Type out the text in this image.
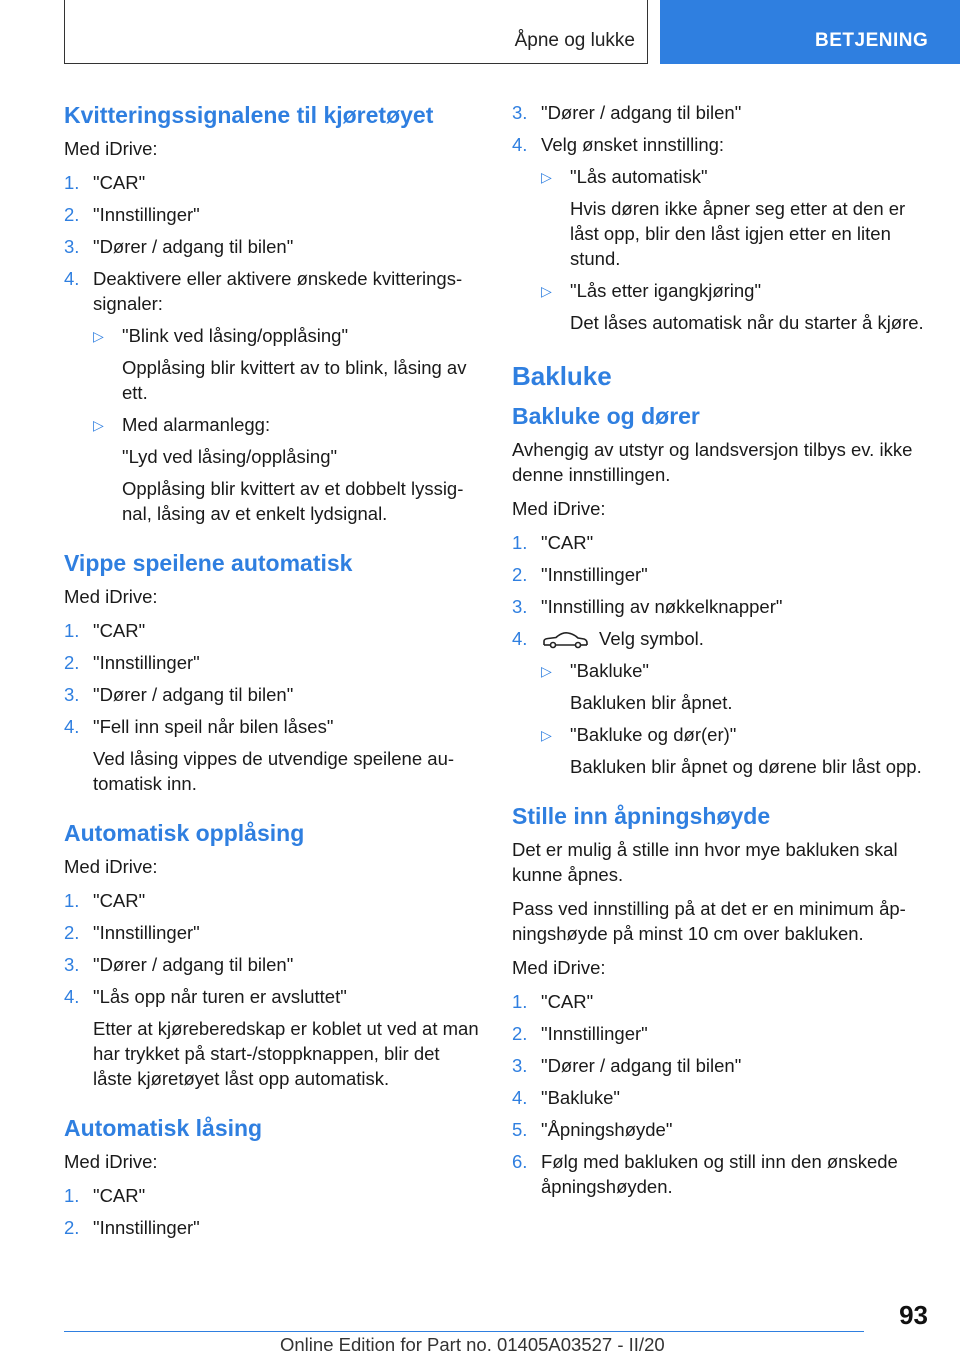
Åpne og lukke	BETJENING
Kvitteringssignalene til kjøretøyet

Med iDrive:

1. "CAR"
2. "Innstillinger"
3. "Dører / adgang til bilen"
4. Deaktivere eller aktivere ønskede kvitterings-signaler:
▷ "Blink ved låsing/opplåsing"
Opplåsing blir kvittert av to blink, låsing av ett.
▷ Med alarmanlegg:
"Lyd ved låsing/opplåsing"
Opplåsing blir kvittert av et dobbelt lyssig-nal, låsing av et enkelt lydsignal.
Vippe speilene automatisk

Med iDrive:

1. "CAR"
2. "Innstillinger"
3. "Dører / adgang til bilen"
4. "Fell inn speil når bilen låses"
Ved låsing vippes de utvendige speilene au-tomatisk inn.
Automatisk opplåsing

Med iDrive:

1. "CAR"
2. "Innstillinger"
3. "Dører / adgang til bilen"
4. "Lås opp når turen er avsluttet"
Etter at kjøreberedskap er koblet ut ved at man har trykket på start-/stoppknappen, blir det låste kjøretøyet låst opp automatisk.
Automatisk låsing

Med iDrive:

1. "CAR"
2. "Innstillinger"
3. "Dører / adgang til bilen"
4. Velg ønsket innstilling:
▷ "Lås automatisk"
Hvis døren ikke åpner seg etter at den er låst opp, blir den låst igjen etter en liten stund.
▷ "Lås etter igangkjøring"
Det låses automatisk når du starter å kjøre.
Bakluke
Bakluke og dører

Avhengig av utstyr og landsversjon tilbys ev. ikke denne innstillingen.

Med iDrive:

1. "CAR"
2. "Innstillinger"
3. "Innstilling av nøkkelknapper"
4.	Velg symbol.
▷ "Bakluke"
Bakluken blir åpnet.
▷ "Bakluke og dør(er)"
Bakluken blir åpnet og dørene blir låst opp.
Stille inn åpningshøyde

Det er mulig å stille inn hvor mye bakluken skal kunne åpnes.

Pass ved innstilling på at det er en minimum åp-ningshøyde på minst 10 cm over bakluken.

Med iDrive:

1. "CAR"
2. "Innstillinger"
3. "Dører / adgang til bilen"
4. "Bakluke"
5. "Åpningshøyde"
6. Følg med bakluken og still inn den ønskede åpningshøyden.
93
Online Edition for Part no. 01405A03527 - II/20
